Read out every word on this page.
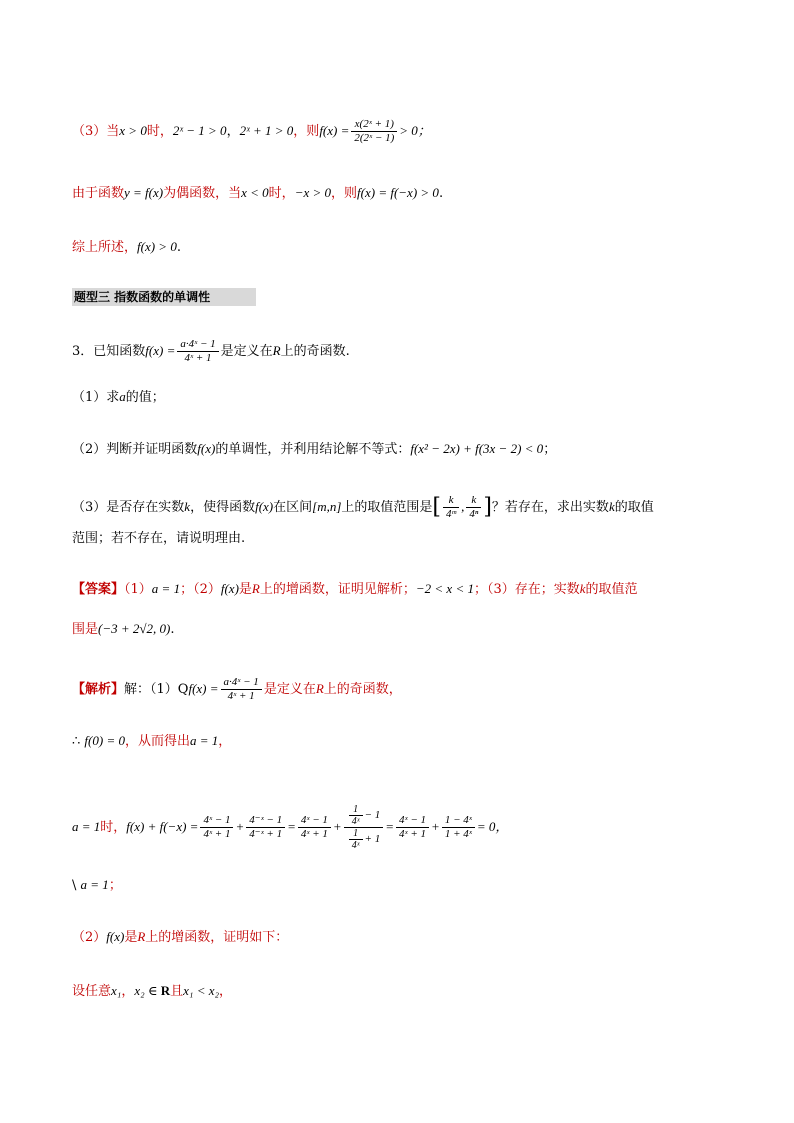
（3）当x > 0时，2ˣ − 1 > 0，2ˣ + 1 > 0，则$f(x) = \frac{\text{x(2ˣ + 1)}}{\text{2(2ˣ − 1)}} > 0$；
由于函数y = f(x)为偶函数，当x < 0时，−x > 0，则f(x) = f(−x) > 0.
综上所述，f(x) > 0.
题型三 指数函数的单调性
3．已知函数$f(x) = \frac{\text{a·4ˣ − 1}}{\text{4ˣ + 1}}$ 是定义在R上的奇函数.
（1）求a的值；
（2）判断并证明函数f(x)的单调性，并利用结论解不等式：f(x² − 2x) + f(3x − 2) < 0；
（3）是否存在实数k，使得函数f(x)在区间[m,n]上的取值范围是[ $\frac{k}{\text{4ᵐ}}$ , $\frac{k}{\text{4ⁿ}}$ ]？若存在，求出实数k的取值
范围；若不存在，请说明理由.
【答案】（1）a = 1；（2）f(x)是R上的增函数，证明见解析；−2 < x < 1；（3）存在；实数k的取值范
围是(−3 + 2√2, 0).
【解析】解：$(1)Qf(x) = \frac{\text{a·4ˣ − 1}}{\text{4ˣ + 1}}$ 是定义在R上的奇函数，
∴ f(0) = 0，从而得出a = 1，
a = 1时，$f(x) + f(-x) = \frac{\text{4ˣ − 1}}{\text{4ˣ + 1}} + \frac{\text{4⁻ˣ − 1}}{\text{4⁻ˣ + 1}} = \frac{\text{4ˣ − 1}}{\text{4ˣ + 1}} + \frac{\frac{1}{\text{4ˣ}} - 1}{\frac{1}{\text{4ˣ}} + 1} = \frac{\text{4ˣ − 1}}{\text{4ˣ + 1}} + \frac{\text{1 − 4ˣ}}{\text{1 + 4ˣ}} = 0$，
\ a = 1；
（2）f(x)是R上的增函数，证明如下：
设任意x₁，x₂ ∈ R且x₁ < x₂，
